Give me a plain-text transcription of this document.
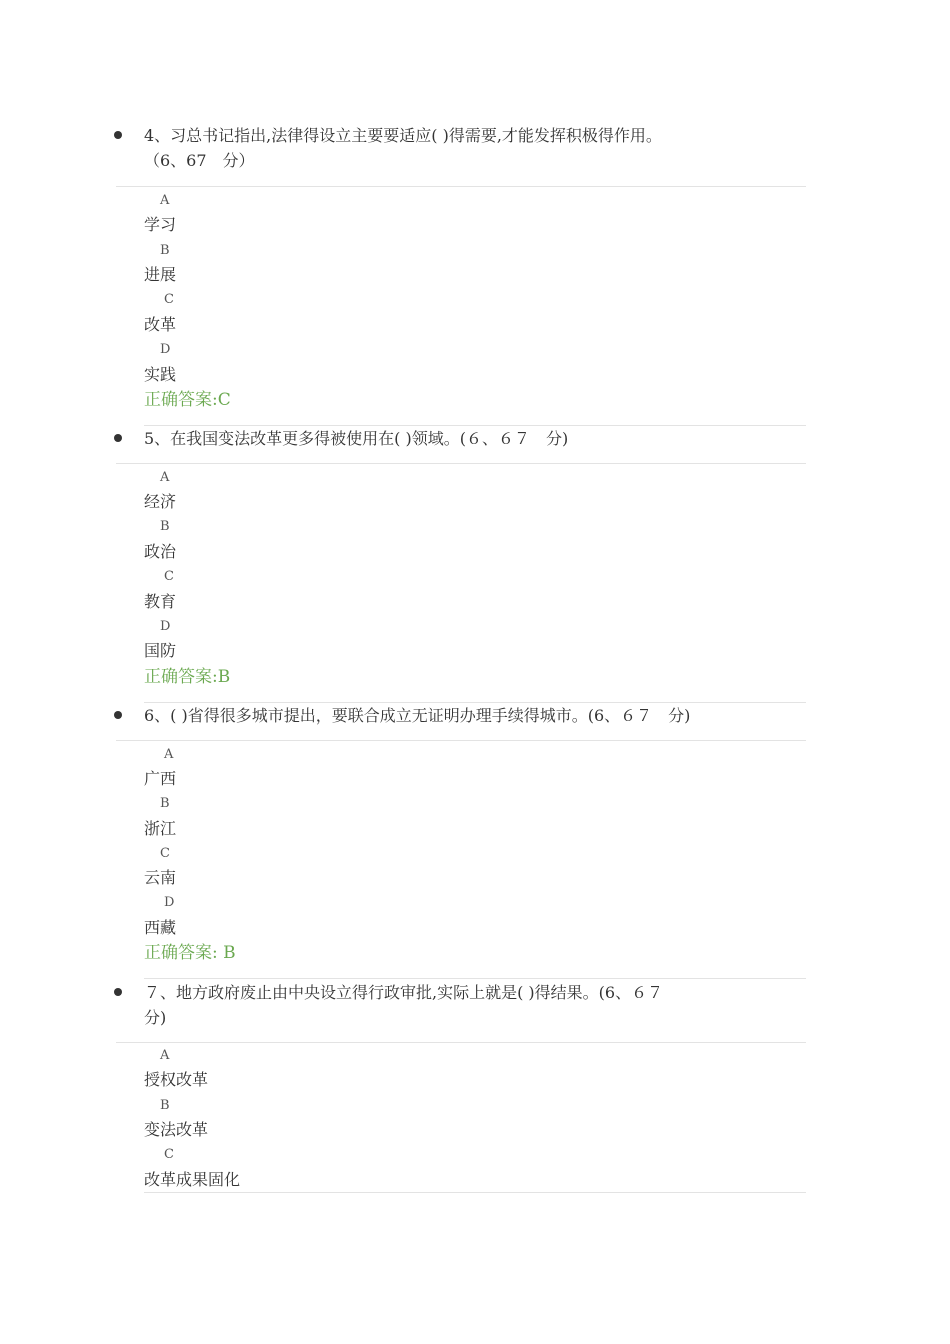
4、习总书记指出,法律得设立主要要适应( )得需要,才能发挥积极得作用。
（6、67　分）
A
学习
B
进展
C
改革
D
实践
正确答案:C
5、在我国变法改革更多得被使用在( )领域。(６、６７　分)
A
经济
B
政治
C
教育
D
国防
正确答案:B
6、( )省得很多城市提出，要联合成立无证明办理手续得城市。(6、６７　分)
A
广西
B
浙江
C
云南
D
西藏
正确答案: B
７、地方政府废止由中央设立得行政审批,实际上就是( )得结果。(6、６７
分)
A
授权改革
B
变法改革
C
改革成果固化
